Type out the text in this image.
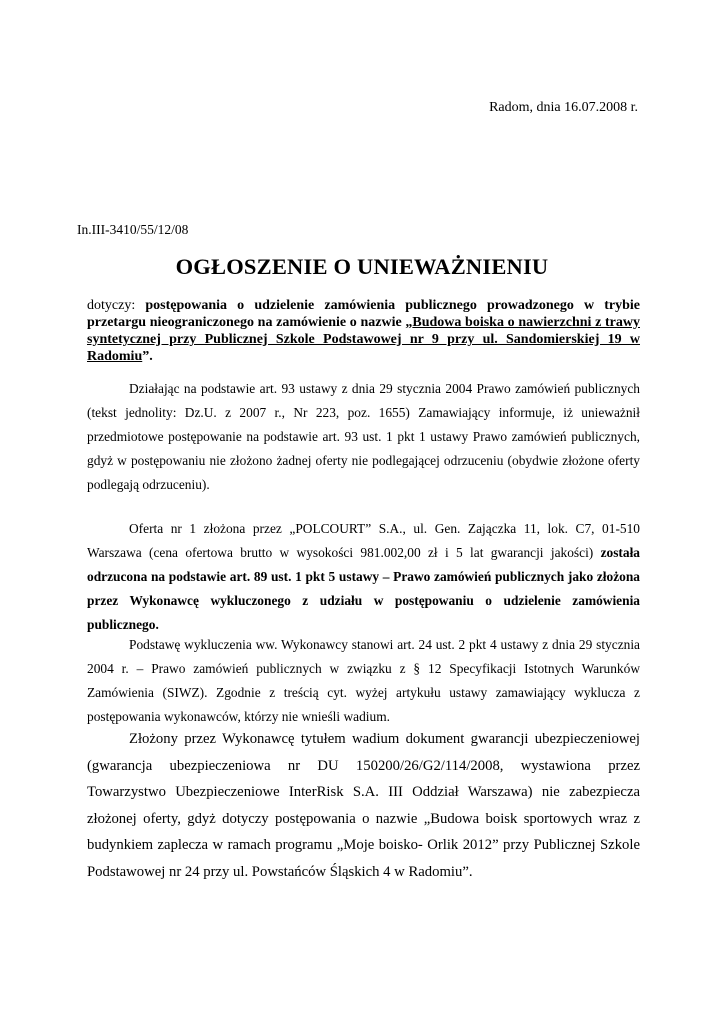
Radom, dnia 16.07.2008 r.
In.III-3410/55/12/08
OGŁOSZENIE O UNIEWAŻNIENIU
dotyczy: postępowania o udzielenie zamówienia publicznego prowadzonego w trybie przetargu nieograniczonego na zamówienie o nazwie „Budowa boiska o nawierzchni z trawy syntetycznej przy Publicznej Szkole Podstawowej nr 9 przy ul. Sandomierskiej 19 w Radomiu”.

Działając na podstawie art. 93 ustawy z dnia 29 stycznia 2004 Prawo zamówień publicznych (tekst jednolity: Dz.U. z 2007 r., Nr 223, poz. 1655) Zamawiający informuje, iż unieważnił przedmiotowe postępowanie na podstawie art. 93 ust. 1 pkt 1 ustawy Prawo zamówień publicznych, gdyż w postępowaniu nie złożono żadnej oferty nie podlegającej odrzuceniu (obydwie złożone oferty podlegają odrzuceniu).

Oferta nr 1 złożona przez „POLCOURT” S.A., ul. Gen. Zajączka 11, lok. C7, 01-510 Warszawa (cena ofertowa brutto w wysokości 981.002,00 zł i 5 lat gwarancji jakości) została odrzucona na podstawie art. 89 ust. 1 pkt 5 ustawy – Prawo zamówień publicznych jako złożona przez Wykonawcę wykluczonego z udziału w postępowaniu o udzielenie zamówienia publicznego.

Podstawę wykluczenia ww. Wykonawcy stanowi art. 24 ust. 2 pkt 4 ustawy z dnia 29 stycznia 2004 r. – Prawo zamówień publicznych w związku z § 12 Specyfikacji Istotnych Warunków Zamówienia (SIWZ). Zgodnie z treścią cyt. wyżej artykułu ustawy zamawiający wyklucza z postępowania wykonawców, którzy nie wnieśli wadium.

Złożony przez Wykonawcę tytułem wadium dokument gwarancji ubezpieczeniowej (gwarancja ubezpieczeniowa nr DU 150200/26/G2/114/2008, wystawiona przez Towarzystwo Ubezpieczeniowe InterRisk S.A. III Oddział Warszawa) nie zabezpiecza złożonej oferty, gdyż dotyczy postępowania o nazwie „Budowa boisk sportowych wraz z budynkiem zaplecza w ramach programu „Moje boisko- Orlik 2012” przy Publicznej Szkole Podstawowej nr 24 przy ul. Powstańców Śląskich 4 w Radomiu”.
